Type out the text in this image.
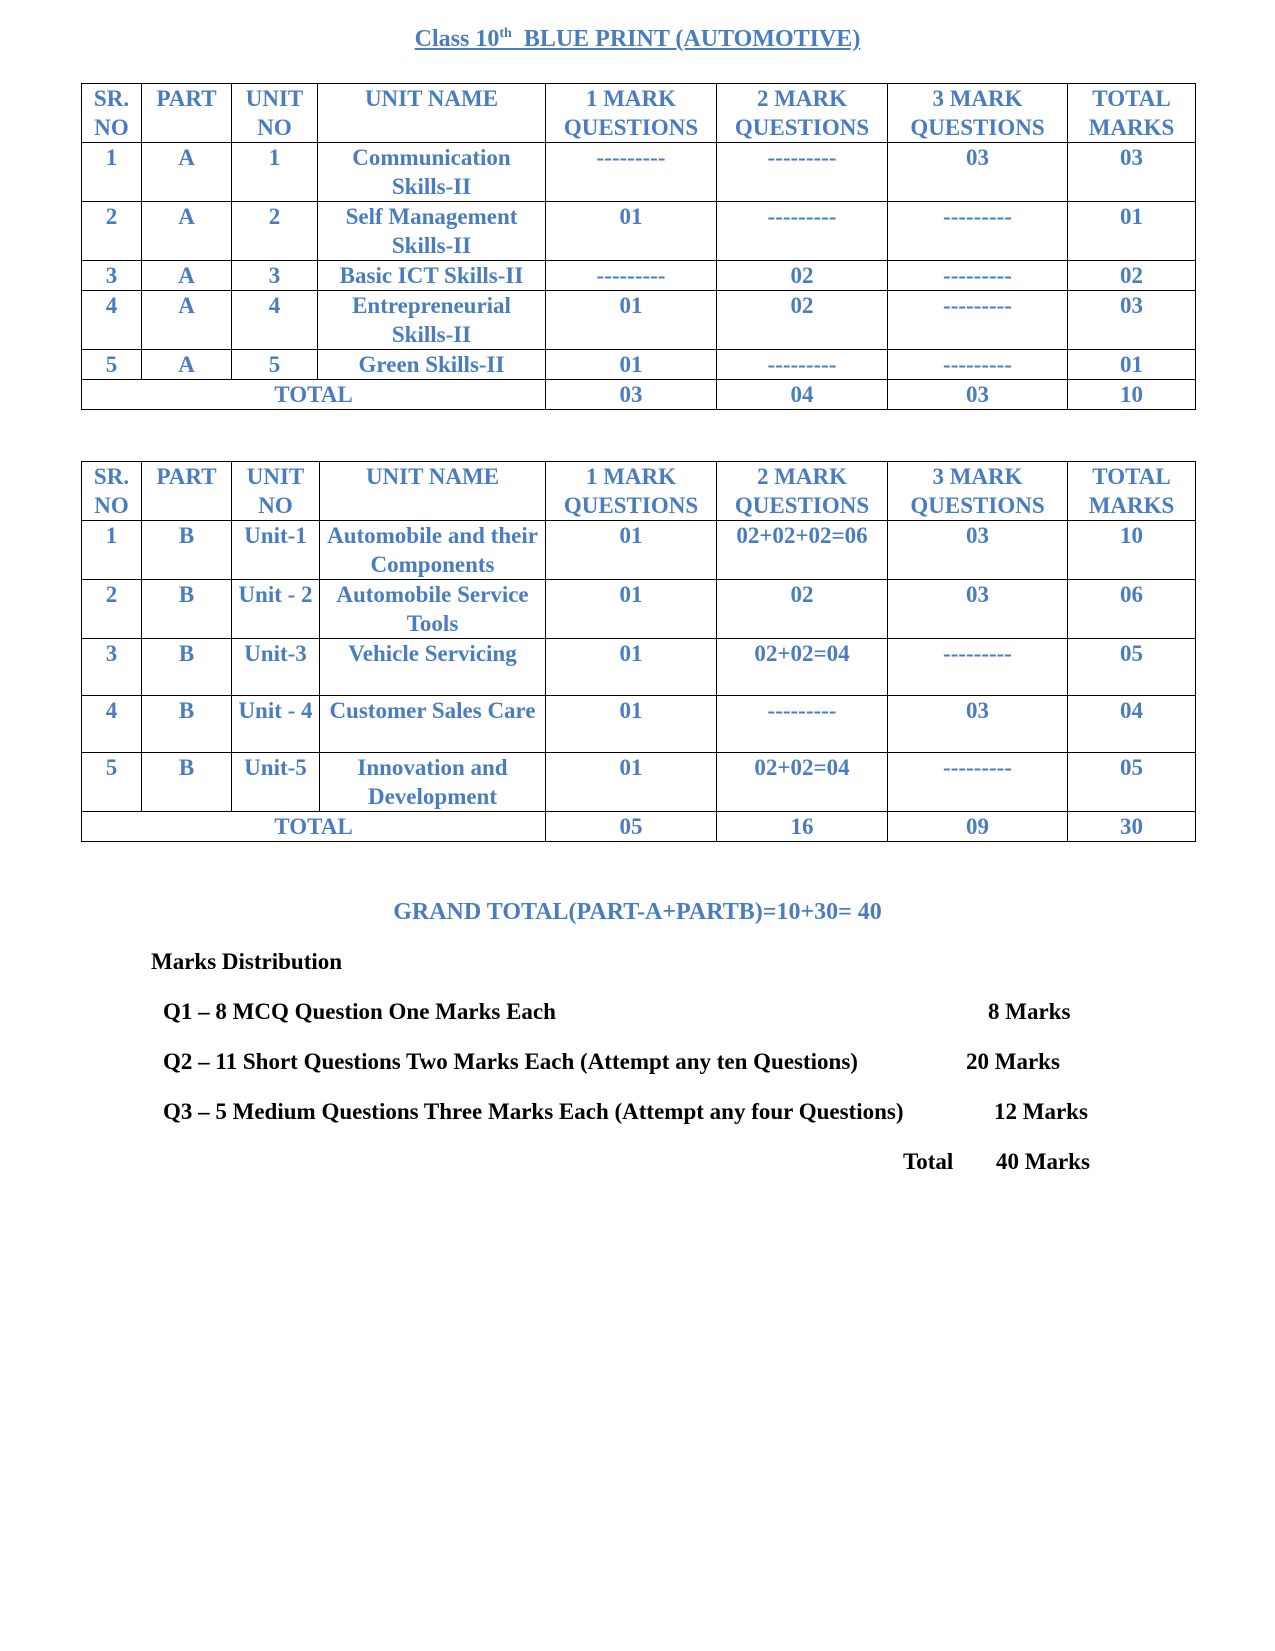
Class 10th  BLUE PRINT (AUTOMOTIVE)
SR. NO	PART	UNIT NO	UNIT NAME	1 MARK QUESTIONS	2 MARK QUESTIONS	3 MARK QUESTIONS	TOTAL MARKS
1	A	1	Communication Skills-II	---------	---------	03	03
2	A	2	Self Management Skills-II	01	---------	---------	01
3	A	3	Basic ICT Skills-II	---------	02	---------	02
4	A	4	Entrepreneurial Skills-II	01	02	---------	03
5	A	5	Green Skills-II	01	---------	---------	01
TOTAL				03	04	03	10
SR. NO	PART	UNIT NO	UNIT NAME	1 MARK QUESTIONS	2 MARK QUESTIONS	3 MARK QUESTIONS	TOTAL MARKS
1	B	Unit-1	Automobile and their Components	01	02+02+02=06	03	10
2	B	Unit - 2	Automobile Service Tools	01	02	03	06
3	B	Unit-3	Vehicle Servicing	01	02+02=04	---------	05
4	B	Unit - 4	Customer Sales Care	01	---------	03	04
5	B	Unit-5	Innovation and Development	01	02+02=04	---------	05
TOTAL				05	16	09	30
GRAND TOTAL(PART-A+PARTB)=10+30= 40
Marks Distribution
Q1 – 8 MCQ Question One Marks Each	8 Marks
Q2 – 11 Short Questions Two Marks Each (Attempt any ten Questions)	20 Marks
Q3 – 5 Medium Questions Three Marks Each (Attempt any four Questions)	12 Marks
Total 40 Marks
